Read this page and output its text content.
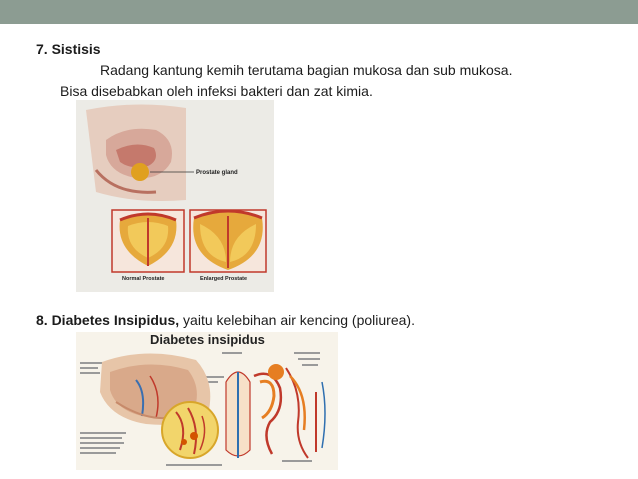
7. Sistisis
Radang kantung kemih terutama bagian mukosa dan sub mukosa.
Bisa disebabkan oleh infeksi bakteri dan zat kimia.
Prostate gland
Normal Prostate	Enlarged Prostate
8. Diabetes Insipidus, yaitu kelebihan air kencing (poliurea).
Diabetes insipidus
